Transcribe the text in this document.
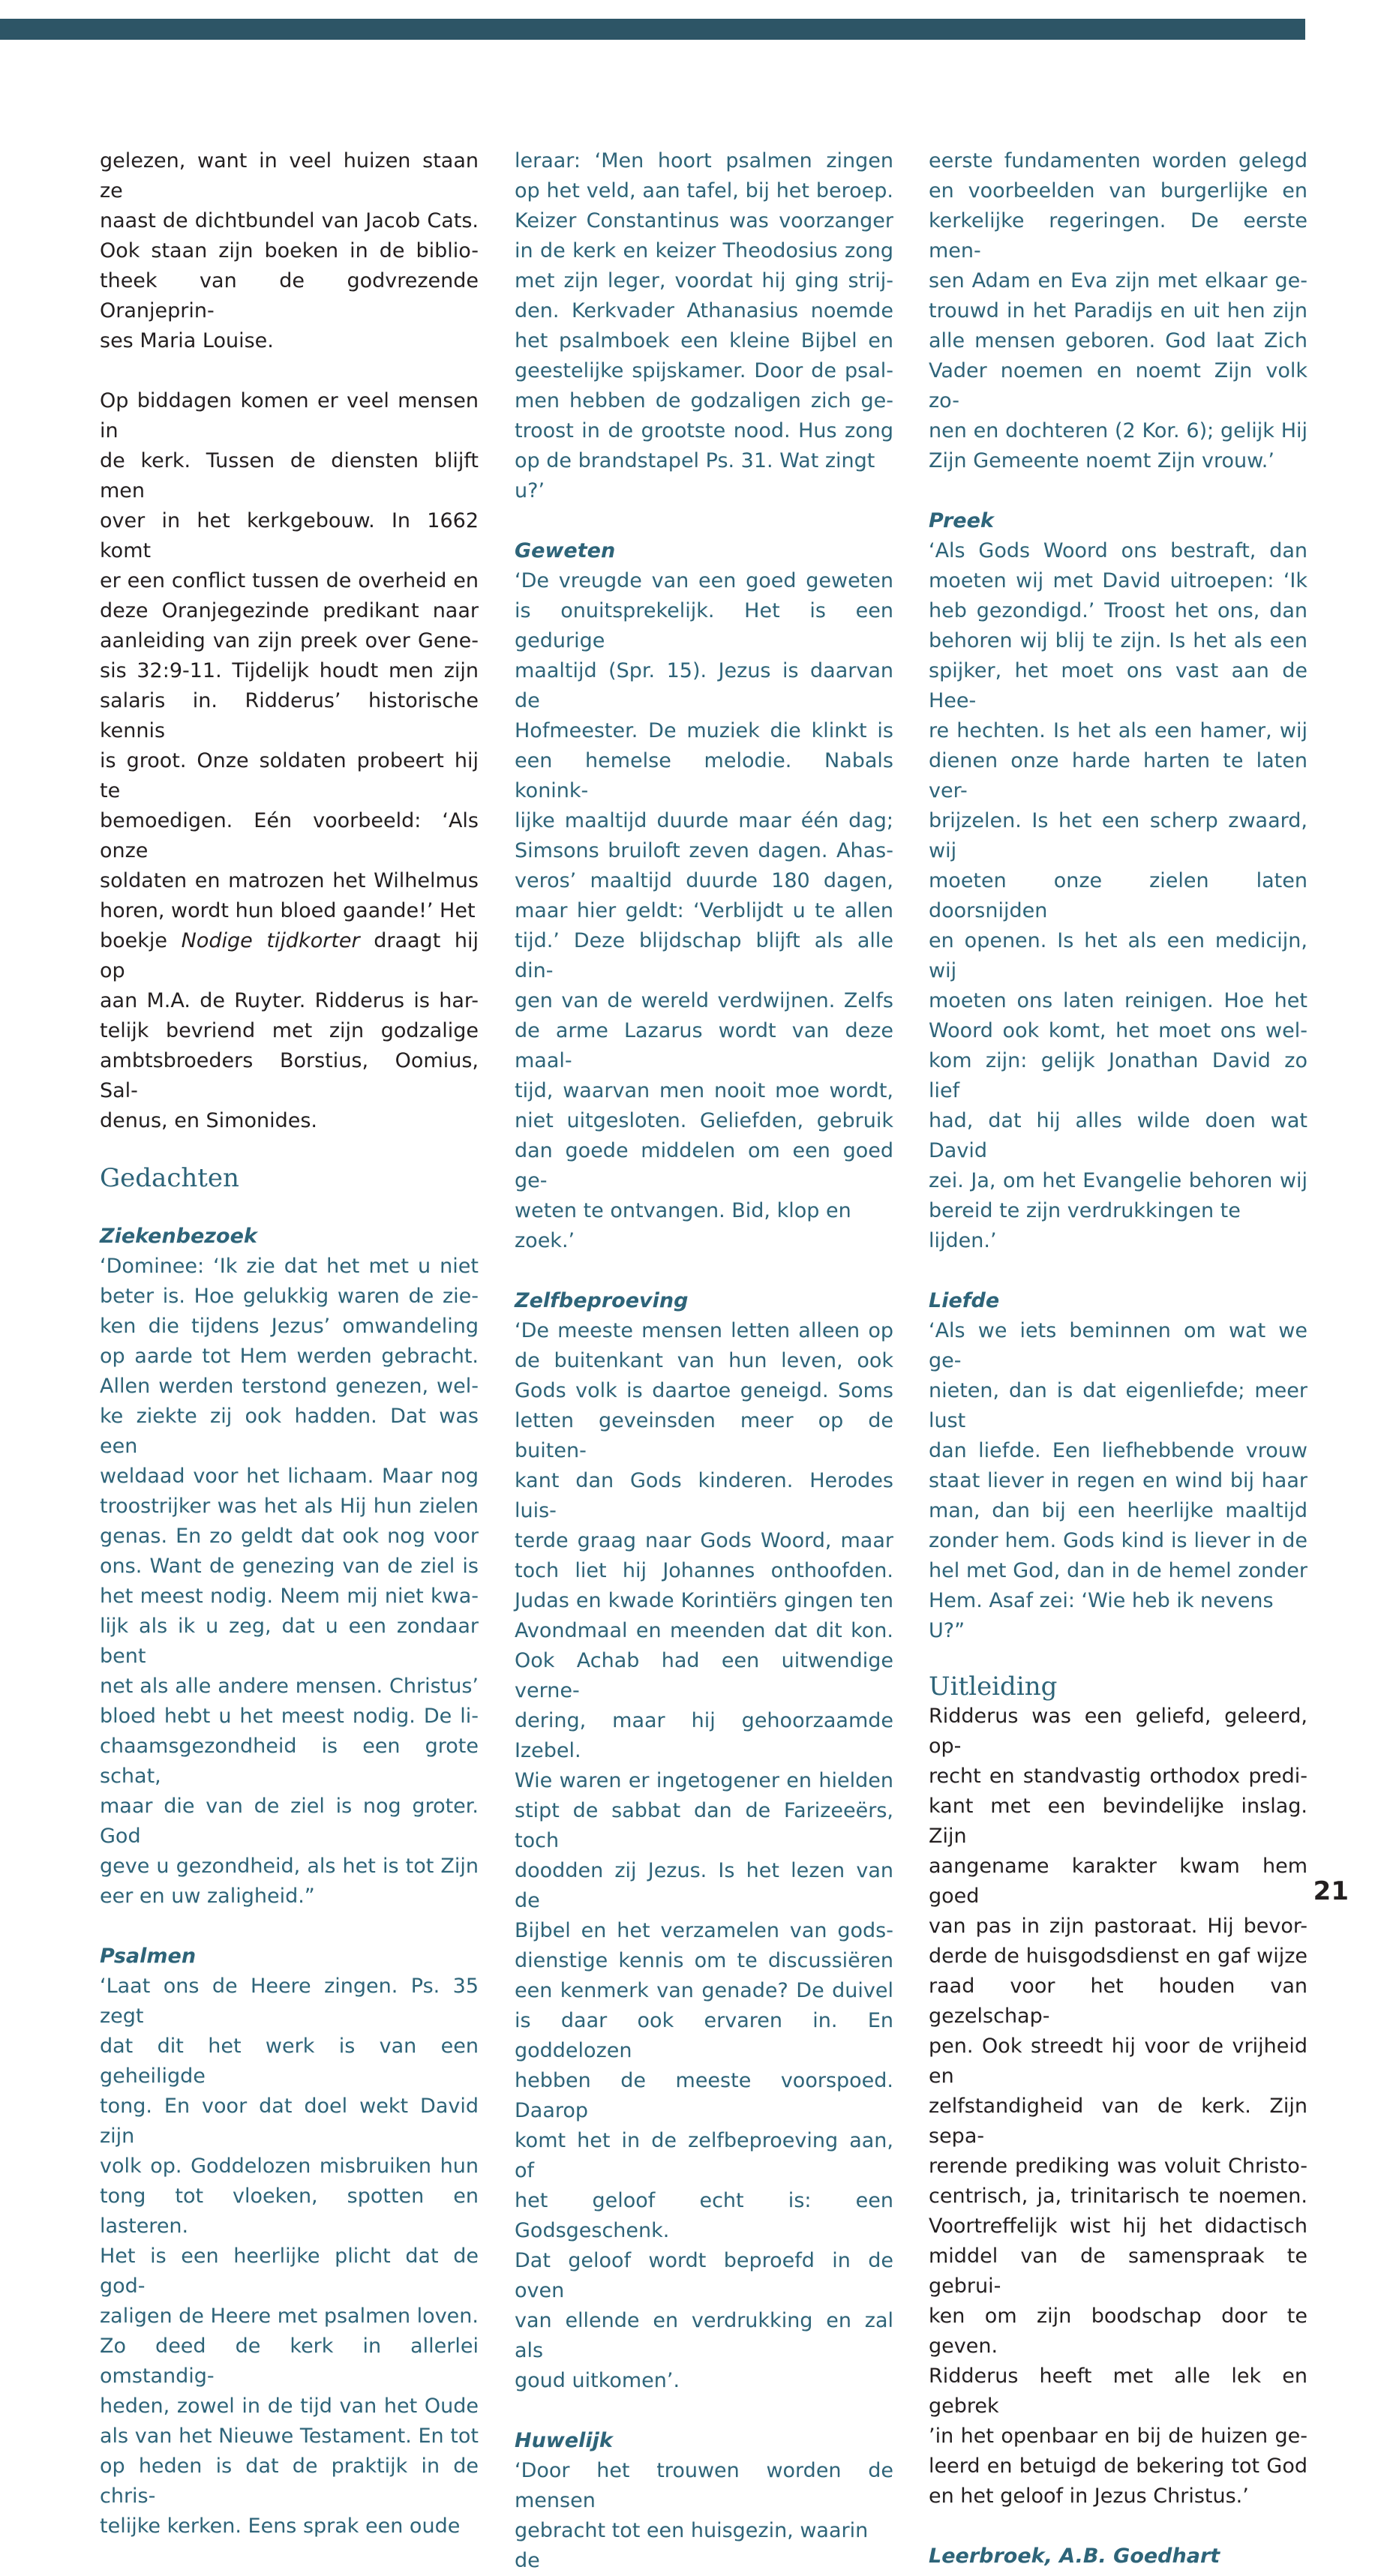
gelezen, want in veel huizen staan ze

naast de dichtbundel van Jacob Cats.

Ook staan zijn boeken in de biblio-

theek van de godvrezende Oranjeprin-

ses Maria Louise.

Op biddagen komen er veel mensen in

de kerk. Tussen de diensten blijft men

over in het kerkgebouw. In 1662 komt

er een conflict tussen de overheid en

deze Oranjegezinde predikant naar

aanleiding van zijn preek over Gene-

sis 32:9-11. Tijdelijk houdt men zijn

salaris in. Ridderus’ historische kennis

is groot. Onze soldaten probeert hij te

bemoedigen. Eén voorbeeld: ‘Als onze

soldaten en matrozen het Wilhelmus

horen, wordt hun bloed gaande!’ Het

boekje Nodige tijdkorter draagt hij op

aan M.A. de Ruyter. Ridderus is har-

telijk bevriend met zijn godzalige

ambtsbroeders Borstius, Oomius, Sal-

denus, en Simonides.

Gedachten

Ziekenbezoek

‘Dominee: ‘Ik zie dat het met u niet

beter is. Hoe gelukkig waren de zie-

ken die tijdens Jezus’ omwandeling

op aarde tot Hem werden gebracht.

Allen werden terstond genezen, wel-

ke ziekte zij ook hadden. Dat was een

weldaad voor het lichaam. Maar nog

troostrijker was het als Hij hun zielen

genas. En zo geldt dat ook nog voor

ons. Want de genezing van de ziel is

het meest nodig. Neem mij niet kwa-

lijk als ik u zeg, dat u een zondaar bent

net als alle andere mensen. Christus’

bloed hebt u het meest nodig. De li-

chaamsgezondheid is een grote schat,

maar die van de ziel is nog groter. God

geve u gezondheid, als het is tot Zijn

eer en uw zaligheid.”

Psalmen

‘Laat ons de Heere zingen. Ps. 35 zegt

dat dit het werk is van een geheiligde

tong. En voor dat doel wekt David zijn

volk op. Goddelozen misbruiken hun

tong tot vloeken, spotten en lasteren.

Het is een heerlijke plicht dat de god-

zaligen de Heere met psalmen loven.

Zo deed de kerk in allerlei omstandig-

heden, zowel in de tijd van het Oude

als van het Nieuwe Testament. En tot

op heden is dat de praktijk in de chris-

telijke kerken. Eens sprak een oude

leraar: ‘Men hoort psalmen zingen

op het veld, aan tafel, bij het beroep.

Keizer Constantinus was voorzanger

in de kerk en keizer Theodosius zong

met zijn leger, voordat hij ging strij-

den. Kerkvader Athanasius noemde

het psalmboek een kleine Bijbel en

geestelijke spijskamer. Door de psal-

men hebben de godzaligen zich ge-

troost in de grootste nood. Hus zong

op de brandstapel Ps. 31. Wat zingt u?’

Geweten

‘De vreugde van een goed geweten

is onuitsprekelijk. Het is een gedurige

maaltijd (Spr. 15). Jezus is daarvan de

Hofmeester. De muziek die klinkt is

een hemelse melodie. Nabals konink-

lijke maaltijd duurde maar één dag;

Simsons bruiloft zeven dagen. Ahas-

veros’ maaltijd duurde 180 dagen,

maar hier geldt: ‘Verblijdt u te allen

tijd.’ Deze blijdschap blijft als alle din-

gen van de wereld verdwijnen. Zelfs

de arme Lazarus wordt van deze maal-

tijd, waarvan men nooit moe wordt,

niet uitgesloten. Geliefden, gebruik

dan goede middelen om een goed ge-

weten te ontvangen. Bid, klop en zoek.’

Zelfbeproeving

‘De meeste mensen letten alleen op

de buitenkant van hun leven, ook

Gods volk is daartoe geneigd. Soms

letten geveinsden meer op de buiten-

kant dan Gods kinderen. Herodes luis-

terde graag naar Gods Woord, maar

toch liet hij Johannes onthoofden.

Judas en kwade Korintiërs gingen ten

Avondmaal en meenden dat dit kon.

Ook Achab had een uitwendige verne-

dering, maar hij gehoorzaamde Izebel.

Wie waren er ingetogener en hielden

stipt de sabbat dan de Farizeeërs, toch

doodden zij Jezus. Is het lezen van de

Bijbel en het verzamelen van gods-

dienstige kennis om te discussiëren

een kenmerk van genade? De duivel

is daar ook ervaren in. En goddelozen

hebben de meeste voorspoed. Daarop

komt het in de zelfbeproeving aan, of

het geloof echt is: een Godsgeschenk.

Dat geloof wordt beproefd in de oven

van ellende en verdrukking en zal als

goud uitkomen’.

Huwelijk

‘Door het trouwen worden de mensen

gebracht tot een huisgezin, waarin de

eerste fundamenten worden gelegd

en voorbeelden van burgerlijke en

kerkelijke regeringen. De eerste men-

sen Adam en Eva zijn met elkaar ge-

trouwd in het Paradijs en uit hen zijn

alle mensen geboren. God laat Zich

Vader noemen en noemt Zijn volk zo-

nen en dochteren (2 Kor. 6); gelijk Hij

Zijn Gemeente noemt Zijn vrouw.’

Preek

‘Als Gods Woord ons bestraft, dan

moeten wij met David uitroepen: ‘Ik

heb gezondigd.’ Troost het ons, dan

behoren wij blij te zijn. Is het als een

spijker, het moet ons vast aan de Hee-

re hechten. Is het als een hamer, wij

dienen onze harde harten te laten ver-

brijzelen. Is het een scherp zwaard, wij

moeten onze zielen laten doorsnijden

en openen. Is het als een medicijn, wij

moeten ons laten reinigen. Hoe het

Woord ook komt, het moet ons wel-

kom zijn: gelijk Jonathan David zo lief

had, dat hij alles wilde doen wat David

zei. Ja, om het Evangelie behoren wij

bereid te zijn verdrukkingen te lijden.’

Liefde

‘Als we iets beminnen om wat we ge-

nieten, dan is dat eigenliefde; meer lust

dan liefde. Een liefhebbende vrouw

staat liever in regen en wind bij haar

man, dan bij een heerlijke maaltijd

zonder hem. Gods kind is liever in de

hel met God, dan in de hemel zonder

Hem. Asaf zei: ‘Wie heb ik nevens U?”

Uitleiding

Ridderus was een geliefd, geleerd, op-

recht en standvastig orthodox predi-

kant met een bevindelijke inslag. Zijn

aangename karakter kwam hem goed

van pas in zijn pastoraat. Hij bevor-

derde de huisgodsdienst en gaf wijze

raad voor het houden van gezelschap-

pen. Ook streedt hij voor de vrijheid en

zelfstandigheid van de kerk. Zijn sepa-

rerende prediking was voluit Christo-

centrisch, ja, trinitarisch te noemen.

Voortreffelijk wist hij het didactisch

middel van de samenspraak te gebrui-

ken om zijn boodschap door te geven.

Ridderus heeft met alle lek en gebrek

’in het openbaar en bij de huizen ge-

leerd en betuigd de bekering tot God

en het geloof in Jezus Christus.’

Leerbroek, A.B. Goedhart

21
